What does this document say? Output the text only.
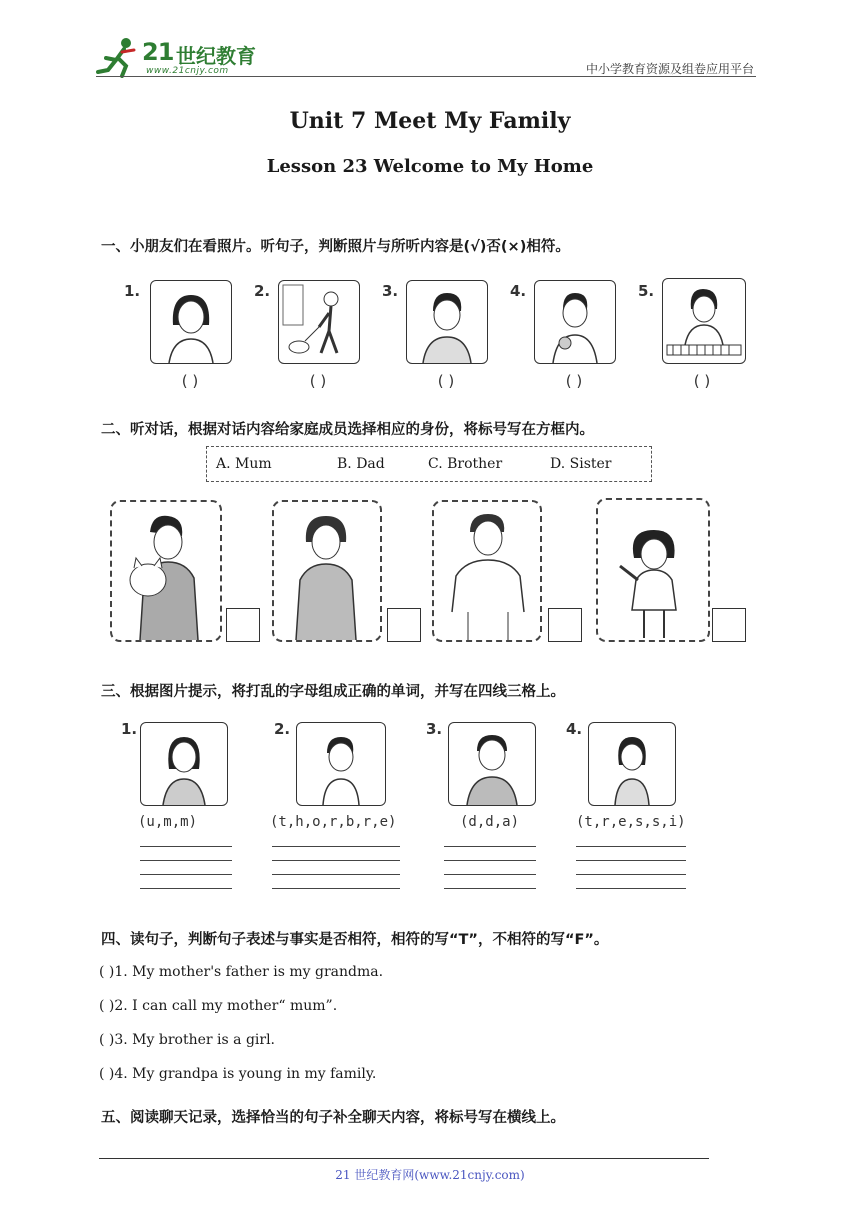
21 世纪教育
www.21cnjy.com	中小学教育资源及组卷应用平台
Unit 7 Meet My Family
Lesson 23 Welcome to My Home
一、小朋友们在看照片。听句子，判断照片与所听内容是(√)否(×)相符。
1.
( )
2.
( )
3.
( )
4.
( )
5.
( )
二、听对话，根据对话内容给家庭成员选择相应的身份，将标号写在方框内。
A. Mum	B. Dad	C. Brother	D. Sister
三、根据图片提示，将打乱的字母组成正确的单词，并写在四线三格上。
1.
(u,m,m)
2.
(t,h,o,r,b,r,e)
3.
(d,d,a)
4.
(t,r,e,s,s,i)
四、读句子，判断句子表述与事实是否相符，相符的写“T”，不相符的写“F”。
( )1. My mother's father is my grandma.
( )2. I can call my mother“ mum”.
( )3. My brother is a girl.
( )4. My grandpa is young in my family.
五、阅读聊天记录，选择恰当的句子补全聊天内容，将标号写在横线上。
21 世纪教育网(www.21cnjy.com)
